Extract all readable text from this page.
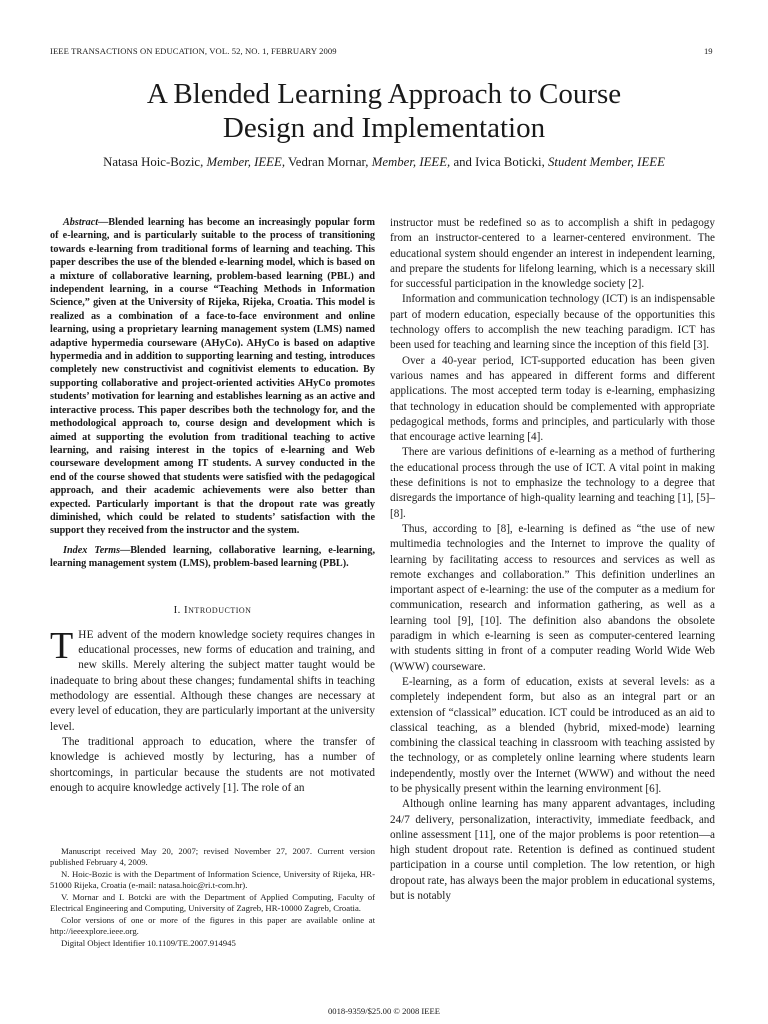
IEEE TRANSACTIONS ON EDUCATION, VOL. 52, NO. 1, FEBRUARY 2009	19
A Blended Learning Approach to Course
Design and Implementation
Natasa Hoic-Bozic, Member, IEEE, Vedran Mornar, Member, IEEE, and Ivica Boticki, Student Member, IEEE

Abstract—Blended learning has become an increasingly popular form of e-learning, and is particularly suitable to the process of transitioning towards e-learning from traditional forms of learning and teaching. This paper describes the use of the blended e-learning model, which is based on a mixture of collaborative learning, problem-based learning (PBL) and independent learning, in a course “Teaching Methods in Information Science,” given at the University of Rijeka, Rijeka, Croatia. This model is realized as a combination of a face-to-face environment and online learning, using a proprietary learning management system (LMS) named adaptive hypermedia courseware (AHyCo). AHyCo is based on adaptive hypermedia and in addition to supporting learning and testing, introduces completely new constructivist and cognitivist elements to education. By supporting collaborative and project-oriented activities AHyCo promotes students’ motivation for learning and establishes learning as an active and interactive process. This paper describes both the technology for, and the methodological approach to, course design and development which is aimed at supporting the evolution from traditional teaching to active learning, and raising interest in the topics of e-learning and Web courseware development among IT students. A survey conducted in the end of the course showed that students were satisfied with the pedagogical approach, and their academic achievements were also better than expected. Particularly important is that the dropout rate was greatly diminished, which could be related to students’ satisfaction with the support they received from the instructor and the system.

Index Terms—Blended learning, collaborative learning, e-learning, learning management system (LMS), problem-based learning (PBL).

I. Introduction

THE advent of the modern knowledge society requires changes in educational processes, new forms of education and training, and new skills. Merely altering the subject matter taught would be inadequate to bring about these changes; fundamental shifts in teaching methodology are essential. Although these changes are necessary at every level of education, they are particularly important at the university level.

The traditional approach to education, where the transfer of knowledge is achieved mostly by lecturing, has a number of shortcomings, in particular because the students are not motivated enough to acquire knowledge actively [1]. The role of an

Manuscript received May 20, 2007; revised November 27, 2007. Current version published February 4, 2009.

N. Hoic-Bozic is with the Department of Information Science, University of Rijeka, HR-51000 Rijeka, Croatia (e-mail: natasa.hoic@ri.t-com.hr).

V. Mornar and I. Botcki are with the Department of Applied Computing, Faculty of Electrical Engineering and Computing, University of Zagreb, HR-10000 Zagreb, Croatia.

Color versions of one or more of the figures in this paper are available online at http://ieeexplore.ieee.org.

Digital Object Identifier 10.1109/TE.2007.914945

instructor must be redefined so as to accomplish a shift in pedagogy from an instructor-centered to a learner-centered environment. The educational system should engender an interest in independent learning, and prepare the students for lifelong learning, which is a necessary skill for successful participation in the knowledge society [2].

Information and communication technology (ICT) is an indispensable part of modern education, especially because of the opportunities this technology offers to accomplish the new teaching paradigm. ICT has been used for teaching and learning since the inception of this field [3].

Over a 40-year period, ICT-supported education has been given various names and has appeared in different forms and different applications. The most accepted term today is e-learning, emphasizing that technology in education should be complemented with appropriate pedagogical methods, forms and principles, and particularly with those that encourage active learning [4].

There are various definitions of e-learning as a method of furthering the educational process through the use of ICT. A vital point in making these definitions is not to emphasize the technology to a degree that disregards the importance of high-quality learning and teaching [1], [5]–[8].

Thus, according to [8], e-learning is defined as “the use of new multimedia technologies and the Internet to improve the quality of learning by facilitating access to resources and services as well as remote exchanges and collaboration.” This definition underlines an important aspect of e-learning: the use of the computer as a medium for communication, research and information gathering, as well as a learning tool [9], [10]. The definition also abandons the obsolete paradigm in which e-learning is seen as computer-centered learning with students sitting in front of a computer reading World Wide Web (WWW) courseware.

E-learning, as a form of education, exists at several levels: as a completely independent form, but also as an integral part or an extension of “classical” education. ICT could be introduced as an aid to classical teaching, as a blended (hybrid, mixed-mode) learning combining the classical teaching in classroom with teaching assisted by the technology, or as completely online learning where students learn independently, mostly over the Internet (WWW) and without the need to be physically present within the learning environment [6].

Although online learning has many apparent advantages, including 24/7 delivery, personalization, interactivity, immediate feedback, and online assessment [11], one of the major problems is poor retention—a high student dropout rate. Retention is defined as continued student participation in a course until completion. The low retention, or high dropout rate, has always been the major problem in educational systems, but is notably

0018-9359/$25.00 © 2008 IEEE
